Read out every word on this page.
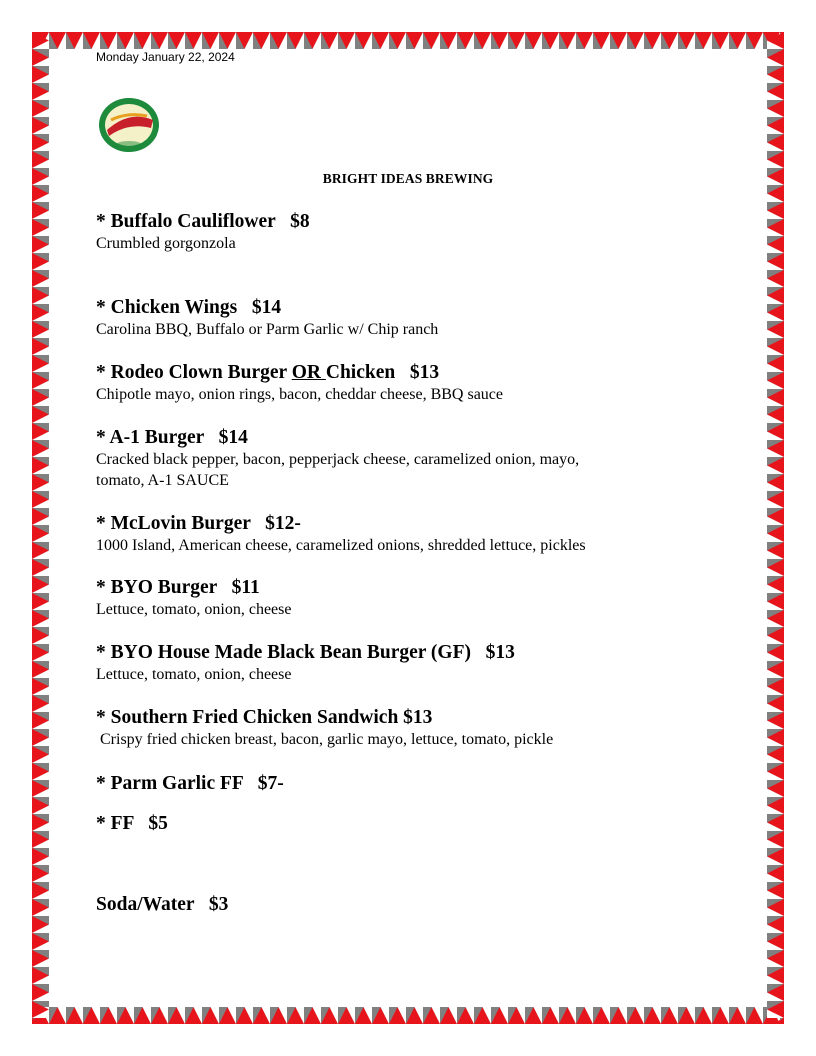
Monday January 22, 2024
BRIGHT IDEAS BREWING
* Buffalo Cauliflower   $8
Crumbled gorgonzola
* Chicken Wings   $14
Carolina BBQ, Buffalo or Parm Garlic w/ Chip ranch
* Rodeo Clown Burger OR Chicken   $13
Chipotle mayo, onion rings, bacon, cheddar cheese, BBQ sauce
* A-1 Burger   $14
Cracked black pepper, bacon, pepperjack cheese, caramelized onion, mayo,
tomato, A-1 SAUCE
* McLovin Burger   $12-
1000 Island, American cheese, caramelized onions, shredded lettuce, pickles
* BYO Burger   $11
Lettuce, tomato, onion, cheese
* BYO House Made Black Bean Burger (GF)   $13
Lettuce, tomato, onion, cheese
* Southern Fried Chicken Sandwich $13
Crispy fried chicken breast, bacon, garlic mayo, lettuce, tomato, pickle
* Parm Garlic FF   $7-
* FF   $5
Soda/Water   $3
